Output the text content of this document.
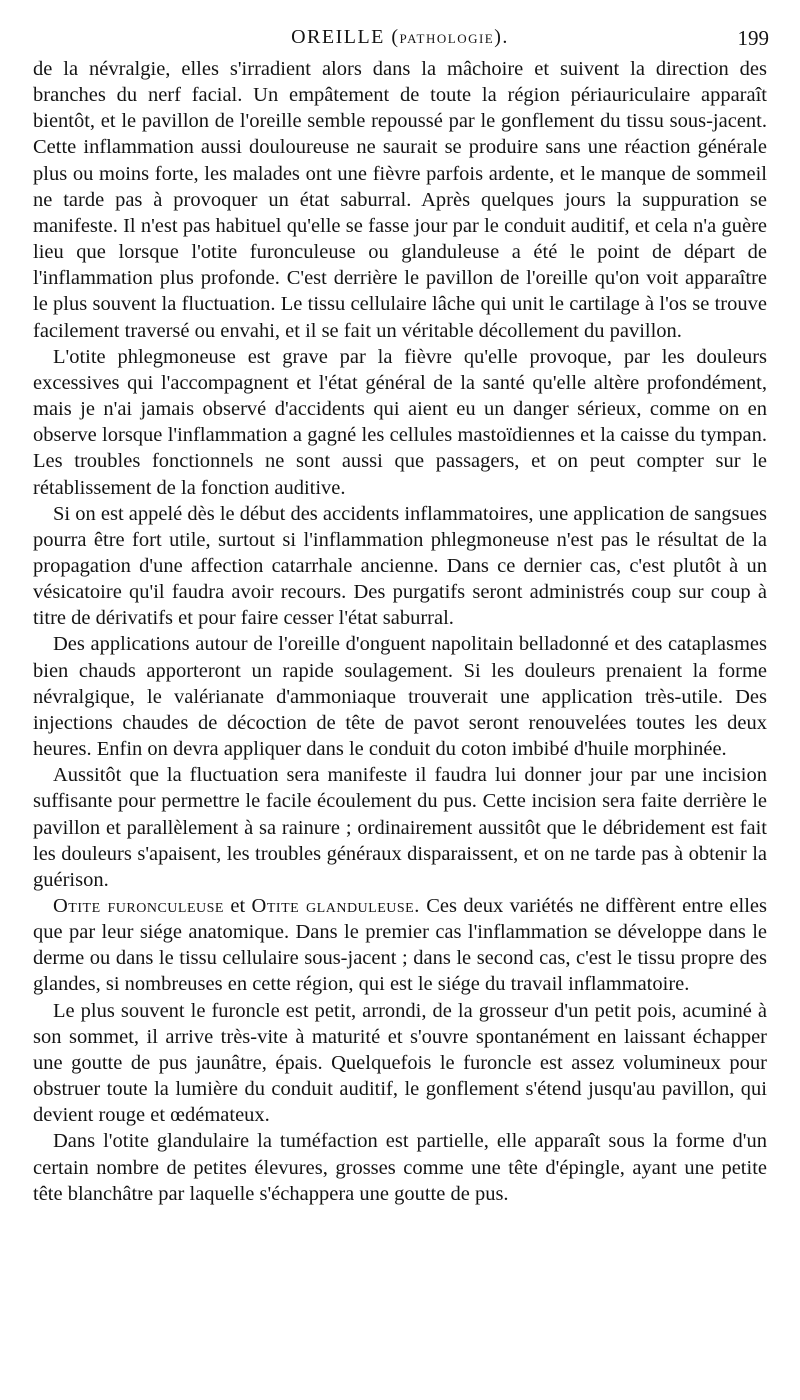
OREILLE (PATHOLOGIE).	199

de la névralgie, elles s'irradient alors dans la mâchoire et suivent la direction des branches du nerf facial. Un empâtement de toute la région périauriculaire apparaît bientôt, et le pavillon de l'oreille semble repoussé par le gonflement du tissu sous-jacent. Cette inflammation aussi douloureuse ne saurait se produire sans une réaction générale plus ou moins forte, les malades ont une fièvre parfois ardente, et le manque de sommeil ne tarde pas à provoquer un état saburral. Après quelques jours la suppuration se manifeste. Il n'est pas habituel qu'elle se fasse jour par le conduit auditif, et cela n'a guère lieu que lorsque l'otite furonculeuse ou glanduleuse a été le point de départ de l'inflammation plus profonde. C'est derrière le pavillon de l'oreille qu'on voit apparaître le plus souvent la fluctuation. Le tissu cellulaire lâche qui unit le cartilage à l'os se trouve facilement traversé ou envahi, et il se fait un véritable décollement du pavillon.

L'otite phlegmoneuse est grave par la fièvre qu'elle provoque, par les douleurs excessives qui l'accompagnent et l'état général de la santé qu'elle altère profondément, mais je n'ai jamais observé d'accidents qui aient eu un danger sérieux, comme on en observe lorsque l'inflammation a gagné les cellules mastoïdiennes et la caisse du tympan. Les troubles fonctionnels ne sont aussi que passagers, et on peut compter sur le rétablissement de la fonction auditive.

Si on est appelé dès le début des accidents inflammatoires, une application de sangsues pourra être fort utile, surtout si l'inflammation phlegmoneuse n'est pas le résultat de la propagation d'une affection catarrhale ancienne. Dans ce dernier cas, c'est plutôt à un vésicatoire qu'il faudra avoir recours. Des purgatifs seront administrés coup sur coup à titre de dérivatifs et pour faire cesser l'état saburral.

Des applications autour de l'oreille d'onguent napolitain belladonné et des cataplasmes bien chauds apporteront un rapide soulagement. Si les douleurs prenaient la forme névralgique, le valérianate d'ammoniaque trouverait une application très-utile. Des injections chaudes de décoction de tête de pavot seront renouvelées toutes les deux heures. Enfin on devra appliquer dans le conduit du coton imbibé d'huile morphinée.

Aussitôt que la fluctuation sera manifeste il faudra lui donner jour par une incision suffisante pour permettre le facile écoulement du pus. Cette incision sera faite derrière le pavillon et parallèlement à sa rainure ; ordinairement aussitôt que le débridement est fait les douleurs s'apaisent, les troubles généraux disparaissent, et on ne tarde pas à obtenir la guérison.

Otite furonculeuse et Otite glanduleuse. Ces deux variétés ne diffèrent entre elles que par leur siége anatomique. Dans le premier cas l'inflammation se développe dans le derme ou dans le tissu cellulaire sous-jacent ; dans le second cas, c'est le tissu propre des glandes, si nombreuses en cette région, qui est le siége du travail inflammatoire.

Le plus souvent le furoncle est petit, arrondi, de la grosseur d'un petit pois, acuminé à son sommet, il arrive très-vite à maturité et s'ouvre spontanément en laissant échapper une goutte de pus jaunâtre, épais. Quelquefois le furoncle est assez volumineux pour obstruer toute la lumière du conduit auditif, le gonflement s'étend jusqu'au pavillon, qui devient rouge et œdémateux.

Dans l'otite glandulaire la tuméfaction est partielle, elle apparaît sous la forme d'un certain nombre de petites élevures, grosses comme une tête d'épingle, ayant une petite tête blanchâtre par laquelle s'échappera une goutte de pus.
